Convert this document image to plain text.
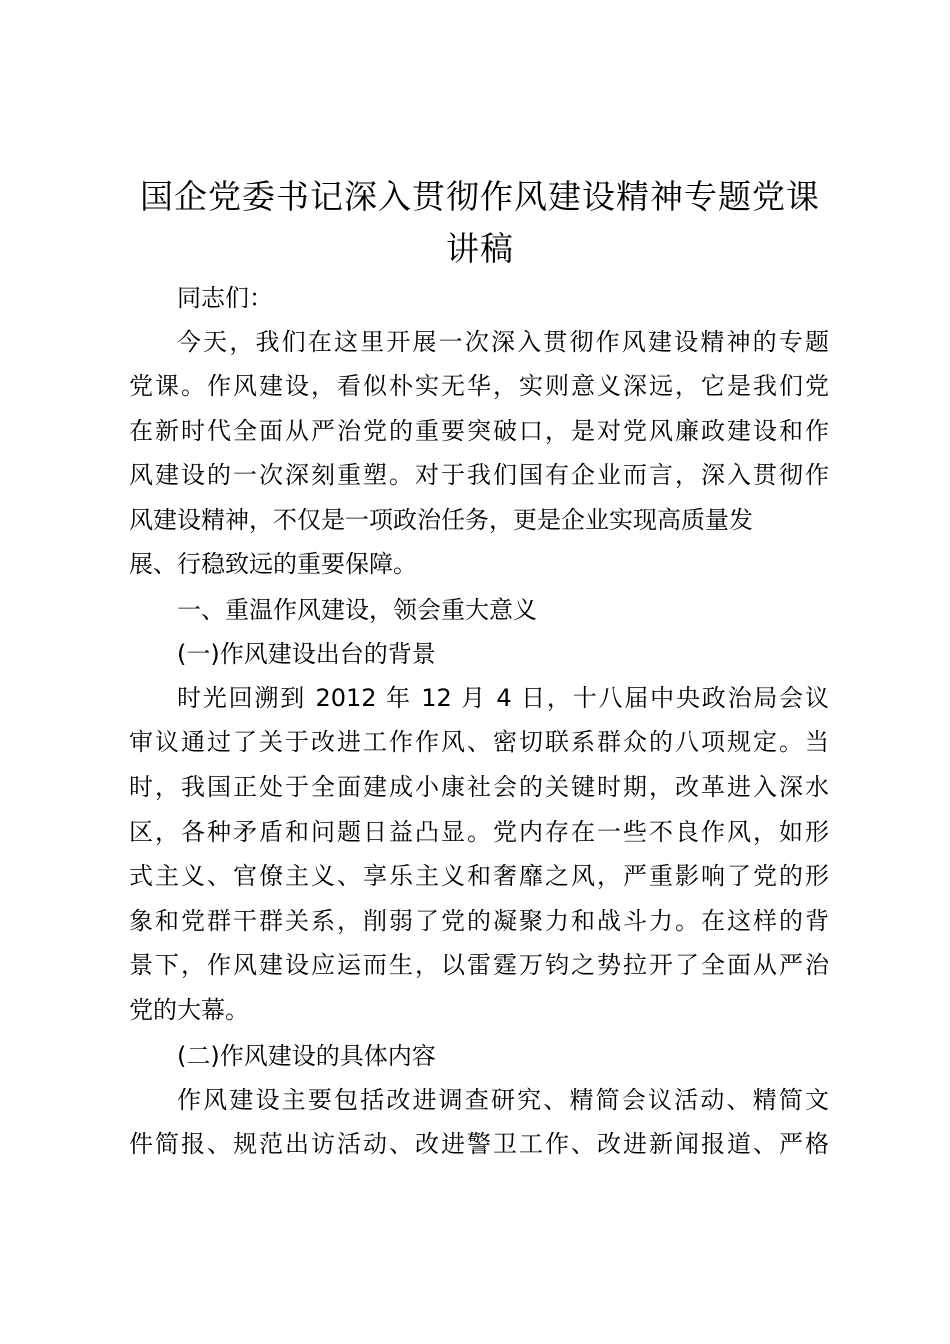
国企党委书记深入贯彻作风建设精神专题党课
讲稿

同志们：

今天，我们在这里开展一次深入贯彻作风建设精神的专题

党课。作风建设，看似朴实无华，实则意义深远，它是我们党

在新时代全面从严治党的重要突破口，是对党风廉政建设和作

风建设的一次深刻重塑。对于我们国有企业而言，深入贯彻作

风建设精神，不仅是一项政治任务，更是企业实现高质量发

展、行稳致远的重要保障。

一、重温作风建设，领会重大意义

(一)作风建设出台的背景

时光回溯到 2012 年 12 月 4 日，十八届中央政治局会议

审议通过了关于改进工作作风、密切联系群众的八项规定。当

时，我国正处于全面建成小康社会的关键时期，改革进入深水

区，各种矛盾和问题日益凸显。党内存在一些不良作风，如形

式主义、官僚主义、享乐主义和奢靡之风，严重影响了党的形

象和党群干群关系，削弱了党的凝聚力和战斗力。在这样的背

景下，作风建设应运而生，以雷霆万钧之势拉开了全面从严治

党的大幕。

(二)作风建设的具体内容

作风建设主要包括改进调查研究、精简会议活动、精简文

件简报、规范出访活动、改进警卫工作、改进新闻报道、严格
